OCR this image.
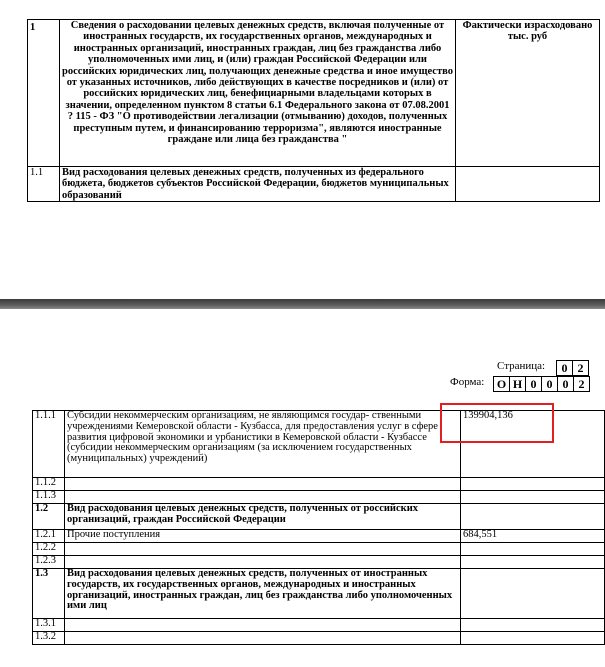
1	Сведения о расходовании целевых денежных средств, включая полученные от иностранных государств, их государственных органов, международных и иностранных организаций, иностранных граждан, лиц без гражданства либо уполномоченных ими лиц, и (или) граждан Российской Федерации или российских юридических лиц, получающих денежные средства и иное имущество от указанных источников, либо действующих в качестве посредников и (или) от российских юридических лиц, бенефициарными владельцами которых в значении, определенном пунктом 8 статьи 6.1 Федерального закона от 07.08.2001 ? 115 - ФЗ "О противодействии легализации (отмыванию) доходов, полученных преступным путем, и финансированию терроризма", являются иностранные граждане или лица без гражданства "	Фактически израсходовано тыс. руб
1.1	Вид расходования целевых денежных средств, полученных из федерального бюджета, бюджетов субъектов Российской Федерации, бюджетов муниципальных образований	
Страница:	0 2
Форма: О Н 0 0 0 2
1.1.1	Субсидии некоммерческим организациям, не являющимся государ- ственными учреждениями Кемеровской области - Кузбасса, для предоставления услуг в сфере развития цифровой экономики и урбанистики в Кемеровской области - Кузбассе (субсидии некоммерческим организациям (за исключением государственных (муниципальных) учреждений)	139904,136
1.1.2		
1.1.3		
1.2	Вид расходования целевых денежных средств, полученных от российских организаций, граждан Российской Федерации	
1.2.1	Прочие поступления	684,551
1.2.2		
1.2.3		
1.3	Вид расходования целевых денежных средств, полученных от иностранных государств, их государственных органов, международных и иностранных организаций, иностранных граждан, лиц без гражданства либо уполномоченных ими лиц	
1.3.1		
1.3.2		
